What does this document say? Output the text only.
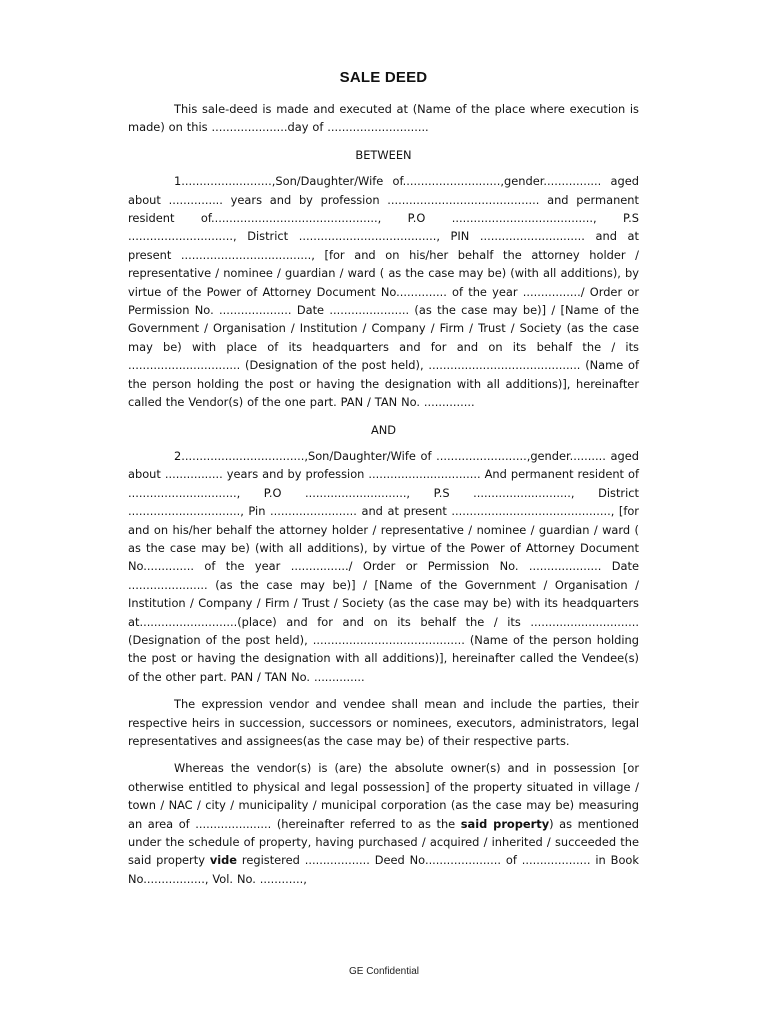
SALE DEED

This sale-deed is made and executed at (Name of the place where execution is made) on this .....................day of ............................

BETWEEN

1.........................,Son/Daughter/Wife of...........................,gender................ aged about ............... years and by profession .......................................... and permanent resident of.............................................., P.O ......................................., P.S ............................., District ......................................, PIN ............................. and at present ...................................., [for and on his/her behalf the attorney holder / representative / nominee / guardian / ward ( as the case may be) (with all additions), by virtue of the Power of Attorney Document No.............. of the year ................/ Order or Permission No. .................... Date ...................... (as the case may be)] / [Name of the Government / Organisation / Institution / Company / Firm / Trust / Society (as the case may be) with place of its headquarters and for and on its behalf the / its ............................... (Designation of the post held), .......................................... (Name of the person holding the post or having the designation with all additions)], hereinafter called the Vendor(s) of the one part. PAN / TAN No. ..............

AND

2..................................,Son/Daughter/Wife of .........................,gender.......... aged about ................ years and by profession ............................... And permanent resident of .............................., P.O ............................, P.S ..........................., District ..............................., Pin ........................ and at present ............................................, [for and on his/her behalf the attorney holder / representative / nominee / guardian / ward ( as the case may be) (with all additions), by virtue of the Power of Attorney Document No.............. of the year ................/ Order or Permission No. .................... Date ...................... (as the case may be)] / [Name of the Government / Organisation / Institution / Company / Firm / Trust / Society (as the case may be) with its headquarters at...........................(place) and for and on its behalf the / its .............................. (Designation of the post held), .......................................... (Name of the person holding the post or having the designation with all additions)], hereinafter called the Vendee(s) of the other part. PAN / TAN No. ..............

The expression vendor and vendee shall mean and include the parties, their respective heirs in succession, successors or nominees, executors, administrators, legal representatives and assignees(as the case may be) of their respective parts.

Whereas the vendor(s) is (are) the absolute owner(s) and in possession [or otherwise entitled to physical and legal possession] of the property situated in village / town / NAC / city / municipality / municipal corporation (as the case may be) measuring an area of ..................... (hereinafter referred to as the said property) as mentioned under the schedule of property, having purchased / acquired / inherited / succeeded the said property vide registered .................. Deed No..................... of ................... in Book No................., Vol. No. ............,

GE Confidential
